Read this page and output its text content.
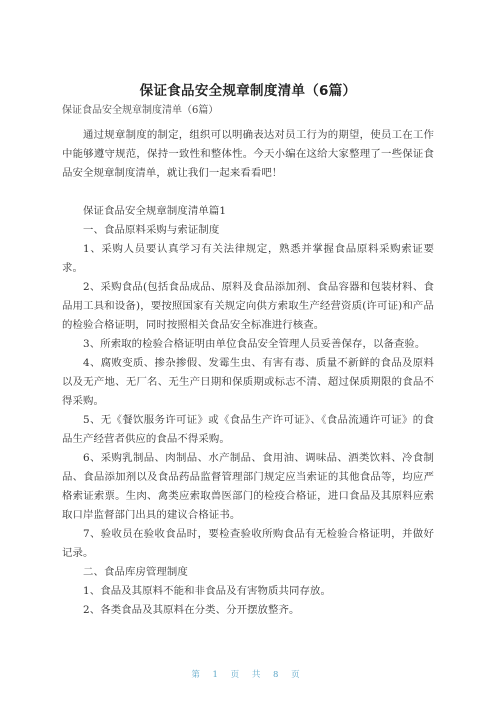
保证食品安全规章制度清单（6篇）
保证食品安全规章制度清单（6篇）

通过规章制度的制定，组织可以明确表达对员工行为的期望，使员工在工作中能够遵守规范，保持一致性和整体性。今天小编在这给大家整理了一些保证食品安全规章制度清单，就让我们一起来看看吧！

保证食品安全规章制度清单篇1

一、食品原料采购与索证制度

1、采购人员要认真学习有关法律规定，熟悉并掌握食品原料采购索证要求。

2、采购食品(包括食品成品、原料及食品添加剂、食品容器和包装材料、食品用工具和设备)，要按照国家有关规定向供方索取生产经营资质(许可证)和产品的检验合格证明，同时按照相关食品安全标准进行核查。

3、所索取的检验合格证明由单位食品安全管理人员妥善保存，以备查验。

4、腐败变质、掺杂掺假、发霉生虫、有害有毒、质量不新鲜的食品及原料以及无产地、无厂名、无生产日期和保质期或标志不清、超过保质期限的食品不得采购。

5、无《餐饮服务许可证》或《食品生产许可证》、《食品流通许可证》的食品生产经营者供应的食品不得采购。

6、采购乳制品、肉制品、水产制品、食用油、调味品、酒类饮料、冷食制品、食品添加剂以及食品药品监督管理部门规定应当索证的其他食品等，均应严格索证索票。生肉、禽类应索取兽医部门的检疫合格证，进口食品及其原料应索取口岸监督部门出具的建议合格证书。

7、验收员在验收食品时，要检查验收所购食品有无检验合格证明，并做好记录。

二、食品库房管理制度

1、食品及其原料不能和非食品及有害物质共同存放。

2、各类食品及其原料在分类、分开摆放整齐。

第 1 页 共 8 页
